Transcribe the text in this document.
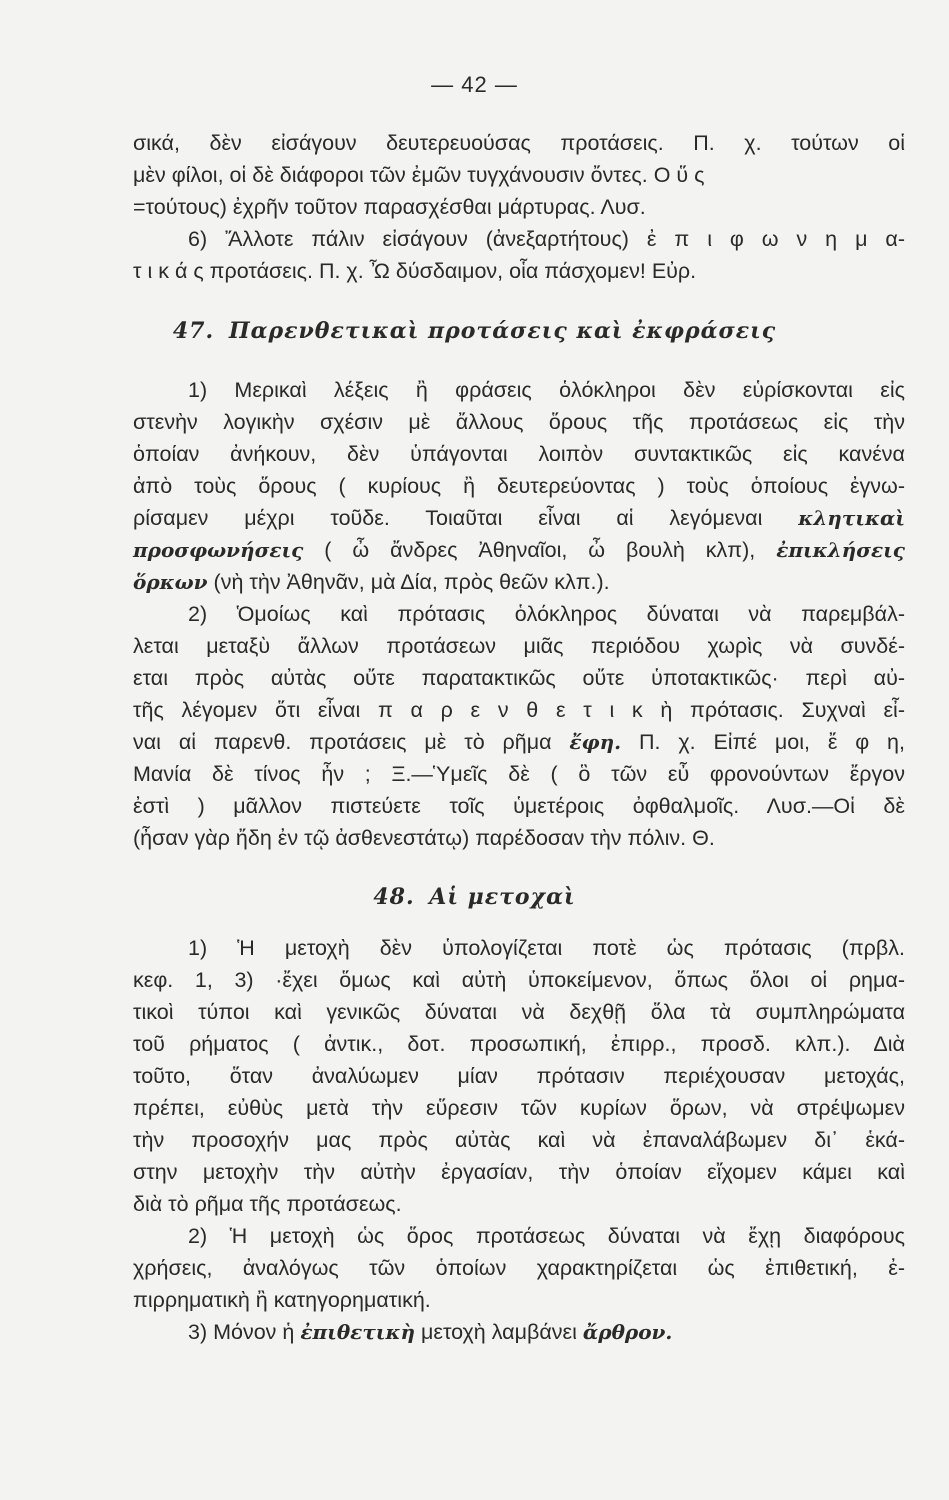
— 42 —
σικά, δὲν εἰσάγουν δευτερευούσας προτάσεις. Π. χ. τούτων οἱ
μὲν φίλοι, οἱ δὲ διάφοροι τῶν ἐμῶν τυγχάνουσιν ὄντες. Ο ὕ ς
=τούτους) ἐχρῆν τοῦτον παρασχέσθαι μάρτυρας. Λυσ.
6) Ἄλλοτε πάλιν εἰσάγουν (ἀνεξαρτήτους) ἐ π ι φ ω ν η μ α-
τ ι κ ά ς προτάσεις. Π. χ. Ὦ δύσδαιμον, οἷα πάσχομεν! Εὐρ.
47. Παρενθετικαὶ προτάσεις καὶ ἐκφράσεις
1) Μερικαὶ λέξεις ἢ φράσεις ὁλόκληροι δὲν εὑρίσκονται εἰς
στενὴν λογικὴν σχέσιν μὲ ἄλλους ὅρους τῆς προτάσεως εἰς τὴν
ὁποίαν ἀνήκουν, δὲν ὑπάγονται λοιπὸν συντακτικῶς εἰς κανένα
ἀπὸ τοὺς ὅρους ( κυρίους ἢ δευτερεύοντας ) τοὺς ὁποίους ἐγνω-
ρίσαμεν μέχρι τοῦδε. Τοιαῦται εἶναι αἱ λεγόμεναι κλητικαὶ
προσφωνήσεις ( ὦ ἄνδρες Ἀθηναῖοι, ὦ βουλὴ κλπ), ἐπικλήσεις
ὅρκων (νὴ τὴν Ἀθηνᾶν, μὰ Δία, πρὸς θεῶν κλπ.).
2) Ὁμοίως καὶ πρότασις ὁλόκληρος δύναται νὰ παρεμβάλ-
λεται μεταξὺ ἄλλων προτάσεων μιᾶς περιόδου χωρὶς νὰ συνδέ-
εται πρὸς αὐτὰς οὔτε παρατακτικῶς οὔτε ὑποτακτικῶς· περὶ αὐ-
τῆς λέγομεν ὅτι εἶναι π α ρ ε ν θ ε τ ι κ ὴ πρότασις. Συχναὶ εἶ-
ναι αἱ παρενθ. προτάσεις μὲ τὸ ρῆμα ἔφη. Π. χ. Εἰπέ μοι, ἔ φ η,
Μανία δὲ τίνος ἦν ; Ξ.—Ὑμεῖς δὲ ( ὃ τῶν εὖ φρονούντων ἔργον
ἐστὶ ) μᾶλλον πιστεύετε τοῖς ὑμετέροις ὀφθαλμοῖς. Λυσ.—Οἱ δὲ
(ἦσαν γὰρ ἤδη ἐν τῷ ἀσθενεστάτῳ) παρέδοσαν τὴν πόλιν. Θ.
48. Αἱ μετοχαὶ
1) Ἡ μετοχὴ δὲν ὑπολογίζεται ποτὲ ὡς πρότασις (πρβλ.
κεφ. 1, 3) ·ἔχει ὅμως καὶ αὐτὴ ὑποκείμενον, ὅπως ὅλοι οἱ ρημα-
τικοὶ τύποι καὶ γενικῶς δύναται νὰ δεχθῇ ὅλα τὰ συμπληρώματα
τοῦ ρήματος ( ἀντικ., δοτ. προσωπική, ἐπιρρ., προσδ. κλπ.). Διὰ
τοῦτο, ὅταν ἀναλύωμεν μίαν πρότασιν περιέχουσαν μετοχάς,
πρέπει, εὐθὺς μετὰ τὴν εὕρεσιν τῶν κυρίων ὅρων, νὰ στρέψωμεν
τὴν προσοχήν μας πρὸς αὐτὰς καὶ νὰ ἐπαναλάβωμεν δι᾽ ἑκά-
στην μετοχὴν τὴν αὐτὴν ἐργασίαν, τὴν ὁποίαν εἴχομεν κάμει καὶ
διὰ τὸ ρῆμα τῆς προτάσεως.
2) Ἡ μετοχὴ ὡς ὅρος προτάσεως δύναται νὰ ἔχῃ διαφόρους
χρήσεις, ἀναλόγως τῶν ὁποίων χαρακτηρίζεται ὡς ἐπιθετική, ἐ-
πιρρηματικὴ ἢ κατηγορηματική.
3) Μόνον ἡ ἐπιθετικὴ μετοχὴ λαμβάνει ἄρθρον.
